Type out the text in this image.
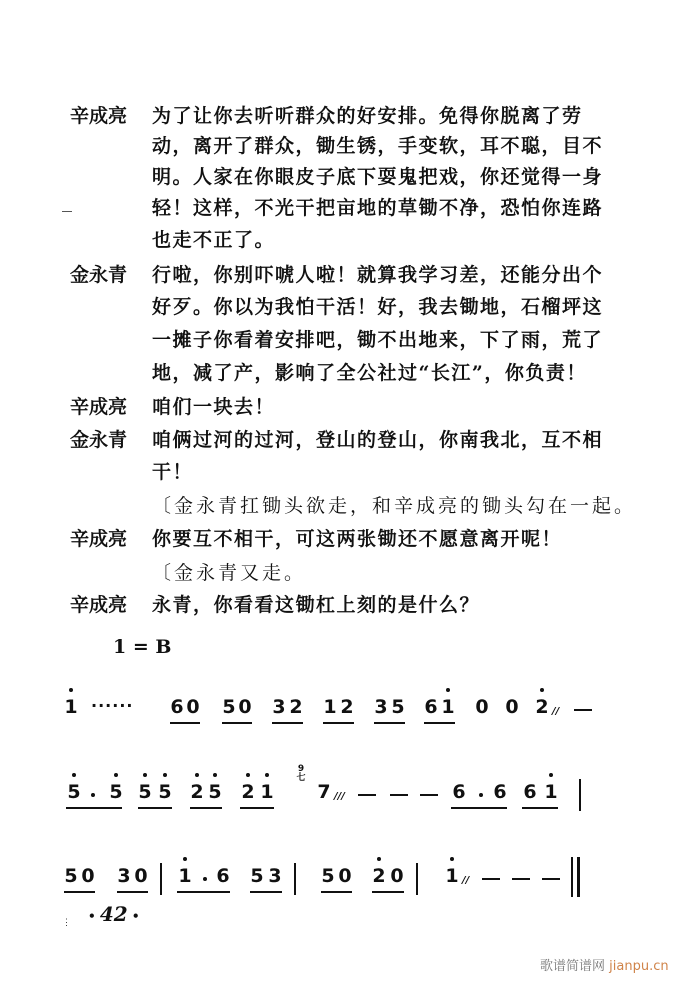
辛成亮	为了让你去听听群众的好安排。免得你脱离了劳
动，离开了群众，锄生锈，手变软，耳不聪，目不
明。人家在你眼皮子底下耍鬼把戏，你还觉得一身
轻！这样，不光干把亩地的草锄不净，恐怕你连路
也走不正了。
金永青	行啦，你别吓唬人啦！就算我学习差，还能分出个
好歹。你以为我怕干活！好，我去锄地，石榴坪这
一摊子你看着安排吧，锄不出地来，下了雨，荒了
地，减了产，影响了全公社过“长江”，你负责！
辛成亮	咱们一块去！
金永青	咱俩过河的过河，登山的登山，你南我北，互不相
干！
〔金永青扛锄头欲走，和辛成亮的锄头勾在一起。
辛成亮	你要互不相干，可这两张锄还不愿意离开呢！
〔金永青又走。
辛成亮	永青，你看看这锄杠上刻的是什么？
1 = B
1 ······ 6 0 5 0 3 2 1 2 3 5 6 1 0 0 2 //
5 5 5 5 2 5 2 1
9
七
7 ///	6 6 6 1
5 0 3 0 1 6 5 3 5 0 2 0 1 //
⋮	• 42 •
歌谱简谱网 jianpu.cn
